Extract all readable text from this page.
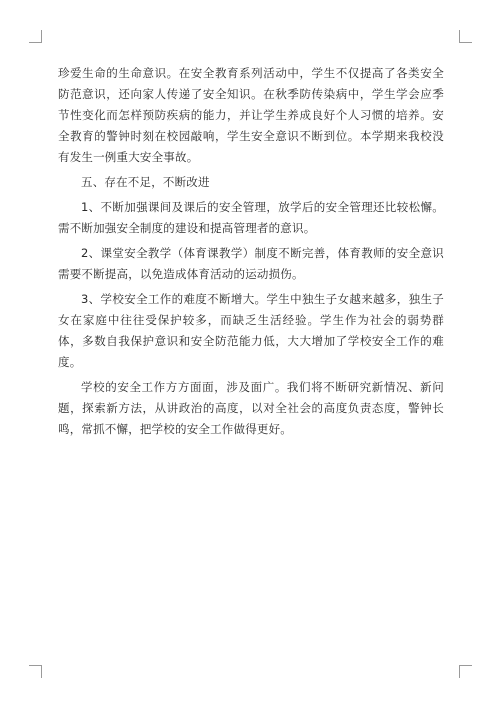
珍爱生命的生命意识。在安全教育系列活动中，学生不仅提高了各类安全防范意识，还向家人传递了安全知识。在秋季防传染病中，学生学会应季节性变化而怎样预防疾病的能力，并让学生养成良好个人习惯的培养。安全教育的警钟时刻在校园敲响，学生安全意识不断到位。本学期来我校没有发生一例重大安全事故。

五、存在不足，不断改进

1、不断加强课间及课后的安全管理，放学后的安全管理还比较松懈。需不断加强安全制度的建设和提高管理者的意识。

2、课堂安全教学（体育课教学）制度不断完善，体育教师的安全意识需要不断提高，以免造成体育活动的运动损伤。

3、学校安全工作的难度不断增大。学生中独生子女越来越多，独生子女在家庭中往往受保护较多，而缺乏生活经验。学生作为社会的弱势群体，多数自我保护意识和安全防范能力低，大大增加了学校安全工作的难度。

学校的安全工作方方面面，涉及面广。我们将不断研究新情况、新问题，探索新方法，从讲政治的高度，以对全社会的高度负责态度，警钟长鸣，常抓不懈，把学校的安全工作做得更好。
